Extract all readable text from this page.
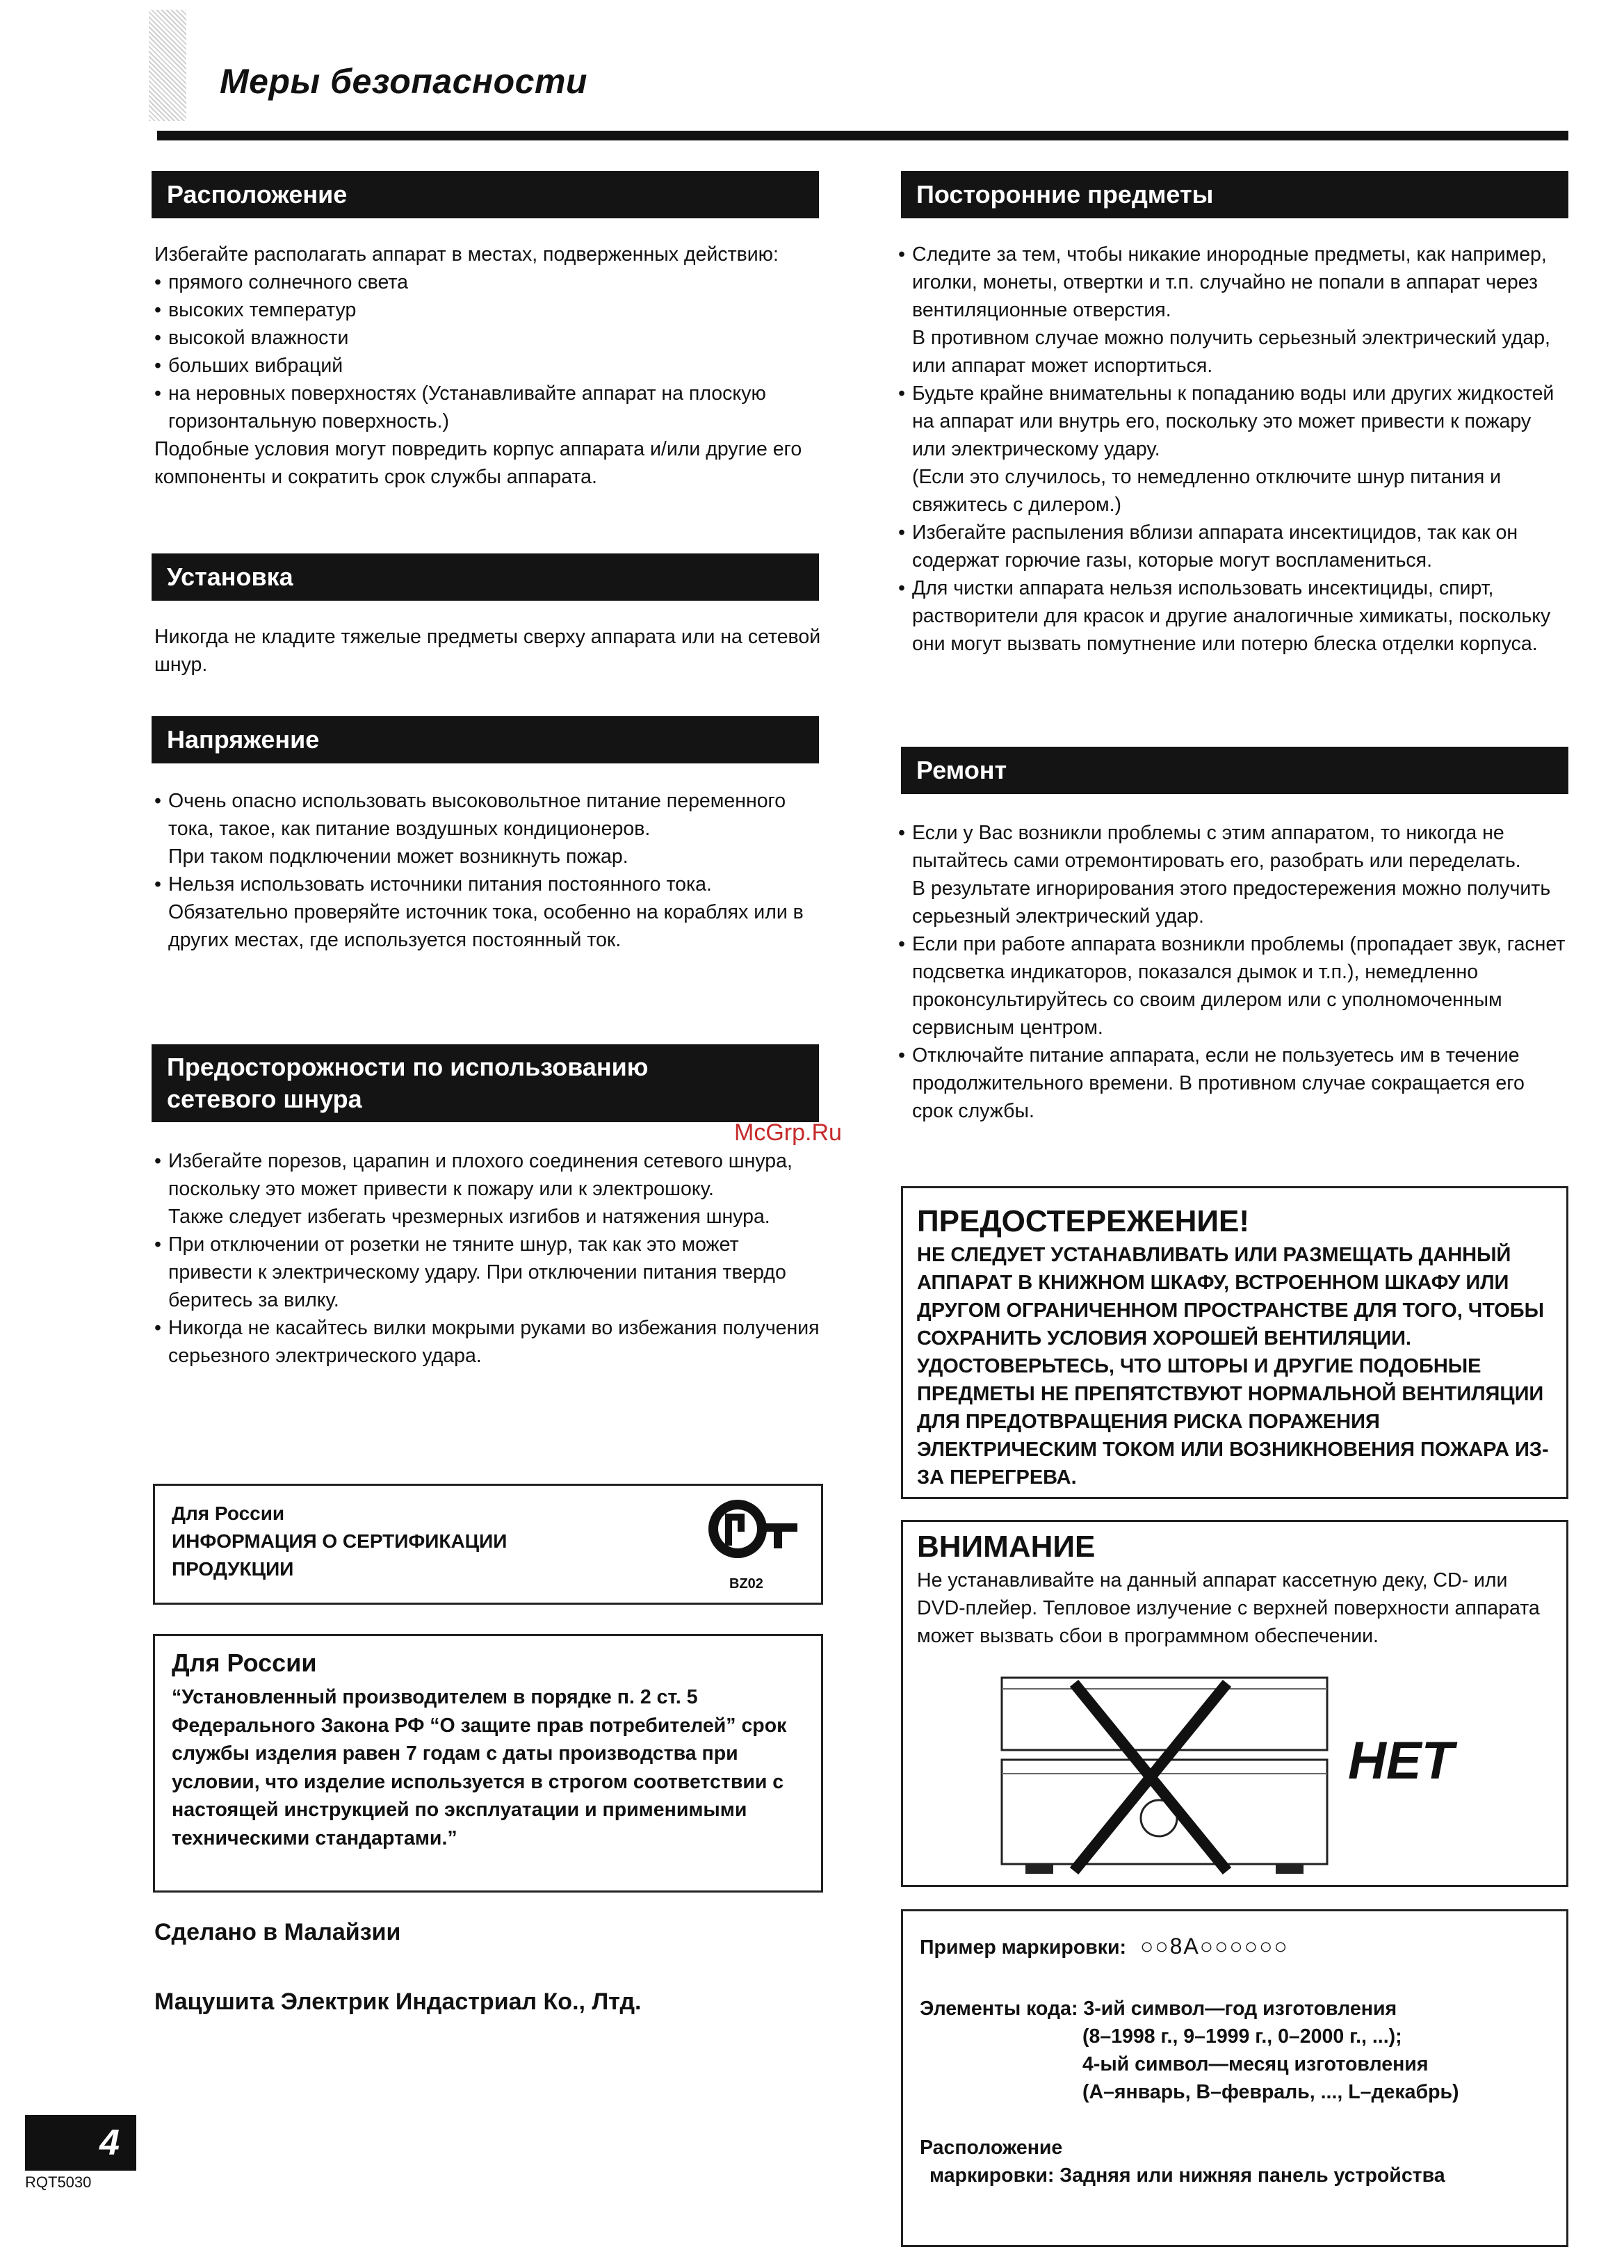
Меры безопасности
Расположение

Избегайте располагать аппарат в местах, подверженных действию:

• прямого солнечного света

• высоких температур

• высокой влажности

• больших вибраций

• на неровных поверхностях (Устанавливайте аппарат на плоскую горизонтальную поверхность.)

Подобные условия могут повредить корпус аппарата и/или другие его компоненты и сократить срок службы аппарата.

Установка

Никогда не кладите тяжелые предметы сверху аппарата или на сетевой шнур.

Напряжение

• Очень опасно использовать высоковольтное питание переменного тока, такое, как питание воздушных кондиционеров.
При таком подключении может возникнуть пожар.

• Нельзя использовать источники питания постоянного тока. Обязательно проверяйте источник тока, особенно на кораблях или в других местах, где используется постоянный ток.

Предосторожности по использованию
сетевого шнура

• Избегайте порезов, царапин и плохого соединения сетевого шнура, поскольку это может привести к пожару или к электрошоку.
Также следует избегать чрезмерных изгибов и натяжения шнура.

• При отключении от розетки не тяните шнур, так как это может привести к электрическому удару. При отключении питания твердо беритесь за вилку.

• Никогда не касайтесь вилки мокрыми руками во избежания получения серьезного электрического удара.

Для России
ИНФОРМАЦИЯ О СЕРТИФИКАЦИИ
ПРОДУКЦИИ
BZ02
Для России
“Установленный производителем в порядке п. 2 ст. 5 Федерального Закона РФ “О защите прав потребителей” срок службы изделия равен 7 годам с даты производства при условии, что изделие используется в строгом соответствии с настоящей инструкцией по эксплуатации и применимыми техническими стандартами.”
Сделано в Малайзии
Мацушита Электрик Индастриал Ко., Лтд.
Посторонние предметы

• Следите за тем, чтобы никакие инородные предметы, как например, иголки, монеты, отвертки и т.п. случайно не попали в аппарат через вентиляционные отверстия.
В противном случае можно получить серьезный электрический удар, или аппарат может испортиться.

• Будьте крайне внимательны к попаданию воды или других жидкостей на аппарат или внутрь его, поскольку это может привести к пожару или электрическому удару.
(Если это случилось, то немедленно отключите шнур питания и свяжитесь с дилером.)

• Избегайте распыления вблизи аппарата инсектицидов, так как он содержат горючие газы, которые могут воспламениться.

• Для чистки аппарата нельзя использовать инсектициды, спирт, растворители для красок и другие аналогичные химикаты, поскольку они могут вызвать помутнение или потерю блеска отделки корпуса.

Ремонт

• Если у Вас возникли проблемы с этим аппаратом, то никогда не пытайтесь сами отремонтировать его, разобрать или переделать.
В результате игнорирования этого предостережения можно получить серьезный электрический удар.

• Если при работе аппарата возникли проблемы (пропадает звук, гаснет подсветка индикаторов, показался дымок и т.п.), немедленно проконсультируйтесь со своим дилером или с уполномоченным сервисным центром.

• Отключайте питание аппарата, если не пользуетесь им в течение продолжительного времени. В противном случае сокращается его срок службы.

ПРЕДОСТЕРЕЖЕНИЕ!
НЕ СЛЕДУЕТ УСТАНАВЛИВАТЬ ИЛИ РАЗМЕЩАТЬ ДАННЫЙ АППАРАТ В КНИЖНОМ ШКАФУ, ВСТРОЕННОМ ШКАФУ ИЛИ ДРУГОМ ОГРАНИЧЕННОМ ПРОСТРАНСТВЕ ДЛЯ ТОГО, ЧТОБЫ СОХРАНИТЬ УСЛОВИЯ ХОРОШЕЙ ВЕНТИЛЯЦИИ. УДОСТОВЕРЬТЕСЬ, ЧТО ШТОРЫ И ДРУГИЕ ПОДОБНЫЕ ПРЕДМЕТЫ НЕ ПРЕПЯТСТВУЮТ НОРМАЛЬНОЙ ВЕНТИЛЯЦИИ ДЛЯ ПРЕДОТВРАЩЕНИЯ РИСКА ПОРАЖЕНИЯ ЭЛЕКТРИЧЕСКИМ ТОКОМ ИЛИ ВОЗНИКНОВЕНИЯ ПОЖАРА ИЗ-ЗА ПЕРЕГРЕВА.
ВНИМАНИЕ
Не устанавливайте на данный аппарат кассетную деку, CD- или DVD-плейер. Тепловое излучение с верхней поверхности аппарата может вызвать сбои в программном обеспечении.
НЕТ
Пример маркировки: ○○8A○○○○○○
Элементы кода: 3-ий символ—год изготовления
(8–1998 г., 9–1999 г., 0–2000 г., ...);
4-ый символ—месяц изготовления
(A–январь, B–февраль, ..., L–декабрь)
Расположение
маркировки: Задняя или нижняя панель устройства
McGrp.Ru
4
RQT5030
